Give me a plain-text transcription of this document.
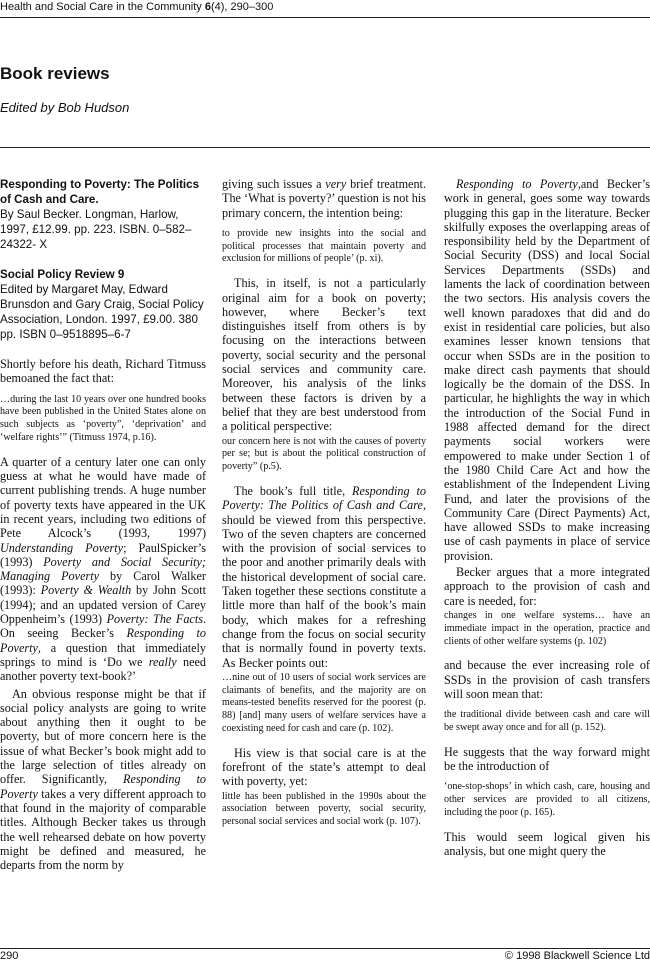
Health and Social Care in the Community 6(4), 290–300
Book reviews

Edited by Bob Hudson

Responding to Poverty: The Politics of Cash and Care.
By Saul Becker. Longman, Harlow, 1997, £12.99. pp. 223. ISBN. 0–582–24322- X
Social Policy Review 9
Edited by Margaret May, Edward Brunsdon and Gary Craig, Social Policy Association, London. 1997, £9.00. 380 pp. ISBN 0–9518895–6-7

Shortly before his death, Richard Titmuss bemoaned the fact that:

…during the last 10 years over one hundred books have been published in the United States alone on such subjects as ‘poverty”, ‘deprivation’ and ‘welfare rights’” (Titmuss 1974, p.16).

A quarter of a century later one can only guess at what he would have made of current publishing trends. A huge number of poverty texts have appeared in the UK in recent years, including two editions of Pete Alcock’s (1993, 1997) Understanding Poverty; PaulSpicker’s (1993) Poverty and Social Security; Managing Poverty by Carol Walker (1993): Poverty & Wealth by John Scott (1994); and an updated version of Carey Oppenheim’s (1993) Poverty: The Facts. On seeing Becker’s Responding to Poverty, a question that immediately springs to mind is ‘Do we really need another poverty text-book?’

An obvious response might be that if social policy analysts are going to write about anything then it ought to be poverty, but of more concern here is the issue of what Becker’s book might add to the large selection of titles already on offer. Significantly, Responding to Poverty takes a very different approach to that found in the majority of comparable titles. Although Becker takes us through the well rehearsed debate on how poverty might be defined and measured, he departs from the norm by

giving such issues a very brief treatment. The ‘What is poverty?’ question is not his primary concern, the intention being:

to provide new insights into the social and political processes that maintain poverty and exclusion for millions of people’ (p. xi).

This, in itself, is not a particularly original aim for a book on poverty; however, where Becker’s text distinguishes itself from others is by focusing on the interactions between poverty, social security and the personal social services and community care. Moreover, his analysis of the links between these factors is driven by a belief that they are best understood from a political perspective:

our concern here is not with the causes of poverty per se; but is about the political construction of poverty” (p.5).

The book’s full title, Responding to Poverty: The Politics of Cash and Care, should be viewed from this perspective. Two of the seven chapters are concerned with the provision of social services to the poor and another primarily deals with the historical development of social care. Taken together these sections constitute a little more than half of the book’s main body, which makes for a refreshing change from the focus on social security that is normally found in poverty texts. As Becker points out:

…nine out of 10 users of social work services are claimants of benefits, and the majority are on means-tested benefits reserved for the poorest (p. 88) [and] many users of welfare services have a coexisting need for cash and care (p. 102).

His view is that social care is at the forefront of the state’s attempt to deal with poverty, yet:

little has been published in the 1990s about the association between poverty, social security, personal social services and social work (p. 107).

Responding to Poverty,and Becker’s work in general, goes some way towards plugging this gap in the literature. Becker skilfully exposes the overlapping areas of responsibility held by the Department of Social Security (DSS) and local Social Services Departments (SSDs) and laments the lack of coordination between the two sectors. His analysis covers the well known paradoxes that did and do exist in residential care policies, but also examines lesser known tensions that occur when SSDs are in the position to make direct cash payments that should logically be the domain of the DSS. In particular, he highlights the way in which the introduction of the Social Fund in 1988 affected demand for the direct payments social workers were empowered to make under Section 1 of the 1980 Child Care Act and how the establishment of the Independent Living Fund, and later the provisions of the Community Care (Direct Payments) Act, have allowed SSDs to make increasing use of cash payments in place of service provision.

Becker argues that a more integrated approach to the provision of cash and care is needed, for:

changes in one welfare systems… have an immediate impact in the operation, practice and clients of other welfare systems (p. 102)

and because the ever increasing role of SSDs in the provision of cash transfers will soon mean that:

the traditional divide between cash and care will be swept away once and for all (p. 152).

He suggests that the way forward might be the introduction of

‘one-stop-shops’ in which cash, care, housing and other services are provided to all citizens, including the poor (p. 165).

This would seem logical given his analysis, but one might query the

290	© 1998 Blackwell Science Ltd
